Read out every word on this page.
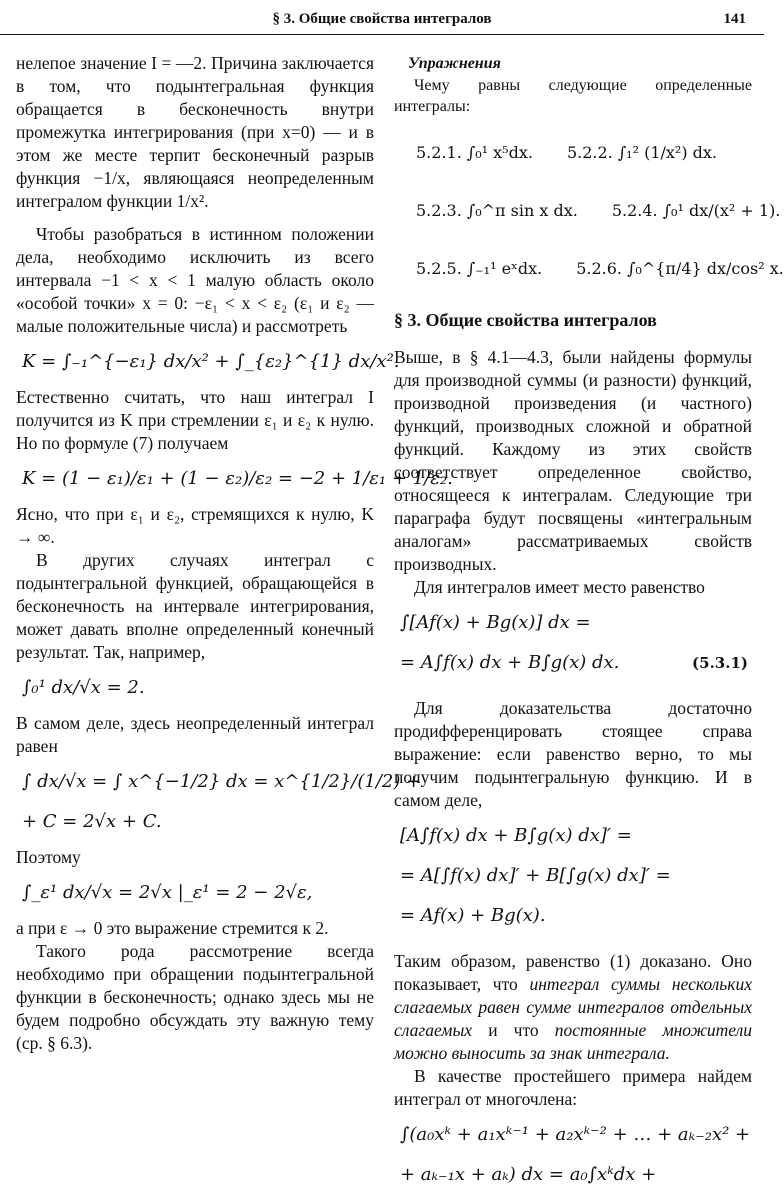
§ 3. Общие свойства интегралов	141

нелепое значение I = —2. Причина заключается в том, что подынтегральная функция обращается в бесконечность внутри промежутка интегрирования (при x=0) — и в этом же месте терпит бесконечный разрыв функция −1/x, являющаяся неопределенным интегралом функции 1/x².

Чтобы разобраться в истинном положении дела, необходимо исключить из всего интервала −1 < x < 1 малую область около «особой точки» x = 0: −ε₁ < x < ε₂ (ε₁ и ε₂ — малые положительные числа) и рассмотреть

K = ∫₋₁^{−ε₁} dx/x² + ∫_{ε₂}^{1} dx/x².

Естественно считать, что наш интеграл I получится из K при стремлении ε₁ и ε₂ к нулю. Но по формуле (7) получаем

K = (1 − ε₁)/ε₁ + (1 − ε₂)/ε₂ = −2 + 1/ε₁ + 1/ε₂.

Ясно, что при ε₁ и ε₂, стремящихся к нулю, K → ∞.

В других случаях интеграл с подынтегральной функцией, обращающейся в бесконечность на интервале интегрирования, может давать вполне определенный конечный результат. Так, например,

∫₀¹ dx/√x = 2.

В самом деле, здесь неопределенный интеграл равен

∫ dx/√x = ∫ x^{−1/2} dx = x^{1/2}/(1/2) +
+ C = 2√x + C.

Поэтому

∫_ε¹ dx/√x = 2√x |_ε¹ = 2 − 2√ε,

а при ε → 0 это выражение стремится к 2.

Такого рода рассмотрение всегда необходимо при обращении подынтегральной функции в бесконечность; однако здесь мы не будем подробно обсуждать эту важную тему (ср. § 6.3).

Упражнения

Чему равны следующие определенные интегралы:

5.2.1. ∫₀¹ x⁵dx. 5.2.2. ∫₁² (1/x²) dx.
5.2.3. ∫₀^π sin x dx. 5.2.4. ∫₀¹ dx/(x² + 1).
5.2.5. ∫₋₁¹ eˣdx. 5.2.6. ∫₀^{π/4} dx/cos² x.
§ 3. Общие свойства интегралов

Выше, в § 4.1—4.3, были найдены формулы для производной суммы (и разности) функций, производной произведения (и частного) функций, производных сложной и обратной функций. Каждому из этих свойств соответствует определенное свойство, относящееся к интегралам. Следующие три параграфа будут посвящены «интегральным аналогам» рассматриваемых свойств производных.

Для интегралов имеет место равенство

∫[Af(x) + Bg(x)] dx =
= A∫f(x) dx + B∫g(x) dx.	(5.3.1)

Для доказательства достаточно продифференцировать стоящее справа выражение: если равенство верно, то мы получим подынтегральную функцию. И в самом деле,

[A∫f(x) dx + B∫g(x) dx]′ =
= A[∫f(x) dx]′ + B[∫g(x) dx]′ =
= Af(x) + Bg(x).

Таким образом, равенство (1) доказано. Оно показывает, что интеграл суммы нескольких слагаемых равен сумме интегралов отдельных слагаемых и что постоянные множители можно выносить за знак интеграла.

В качестве простейшего примера найдем интеграл от многочлена:

∫(a₀xᵏ + a₁xᵏ⁻¹ + a₂xᵏ⁻² + … + aₖ₋₂x² +
+ aₖ₋₁x + aₖ) dx = a₀∫xᵏdx +
